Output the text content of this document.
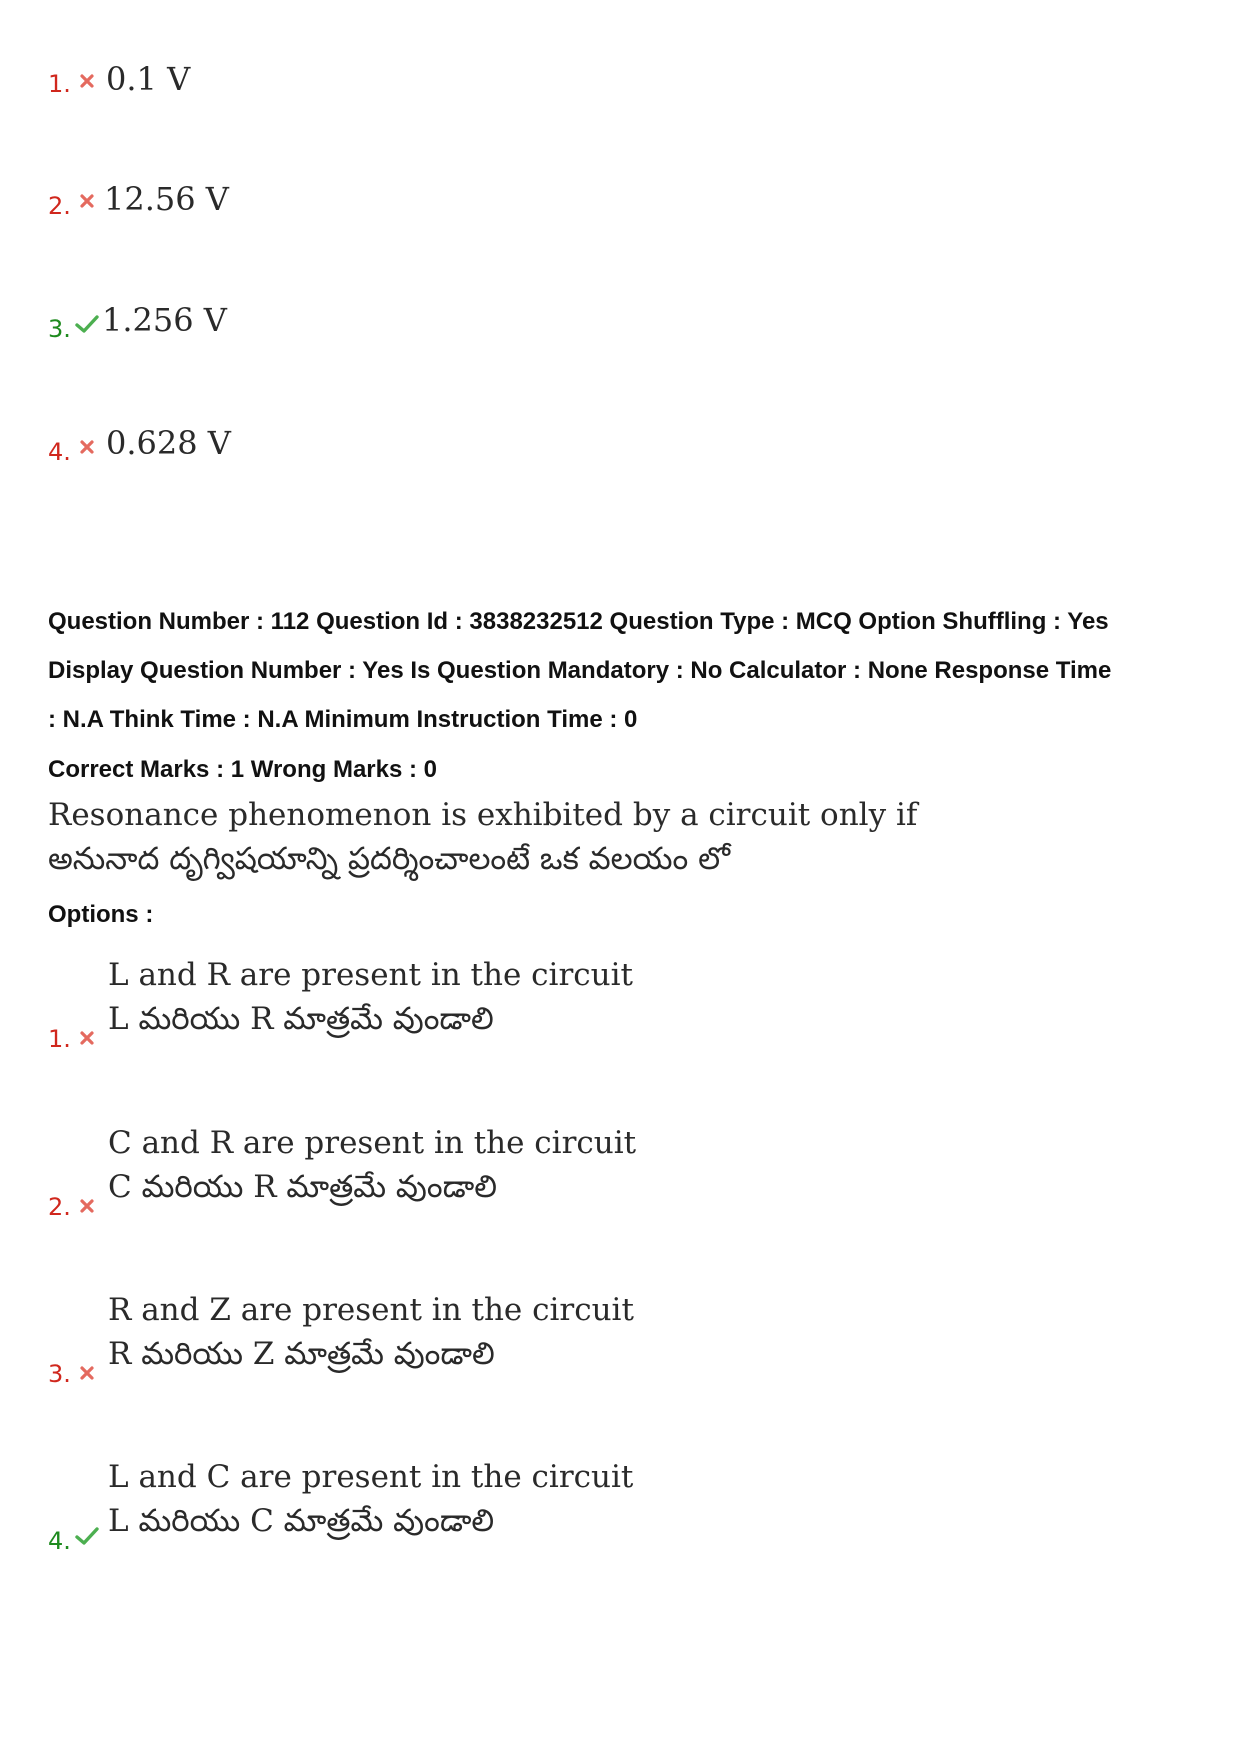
1. 0.1 V
2. 12.56 V
3. 1.256 V
4. 0.628 V
Question Number : 112 Question Id : 3838232512 Question Type : MCQ Option Shuffling : Yes
Display Question Number : Yes Is Question Mandatory : No Calculator : None Response Time
: N.A Think Time : N.A Minimum Instruction Time : 0
Correct Marks : 1 Wrong Marks : 0
Resonance phenomenon is exhibited by a circuit only if
అనునాద దృగ్విషయాన్ని ప్రదర్శించాలంటే ఒక వలయం లో
Options :
1.
L and R are present in the circuit
L మరియు R మాత్రమే వుండాలి
2.
C and R are present in the circuit
C మరియు R మాత్రమే వుండాలి
3.
R and Z are present in the circuit
R మరియు Z మాత్రమే వుండాలి
4.
L and C are present in the circuit
L మరియు C మాత్రమే వుండాలి
